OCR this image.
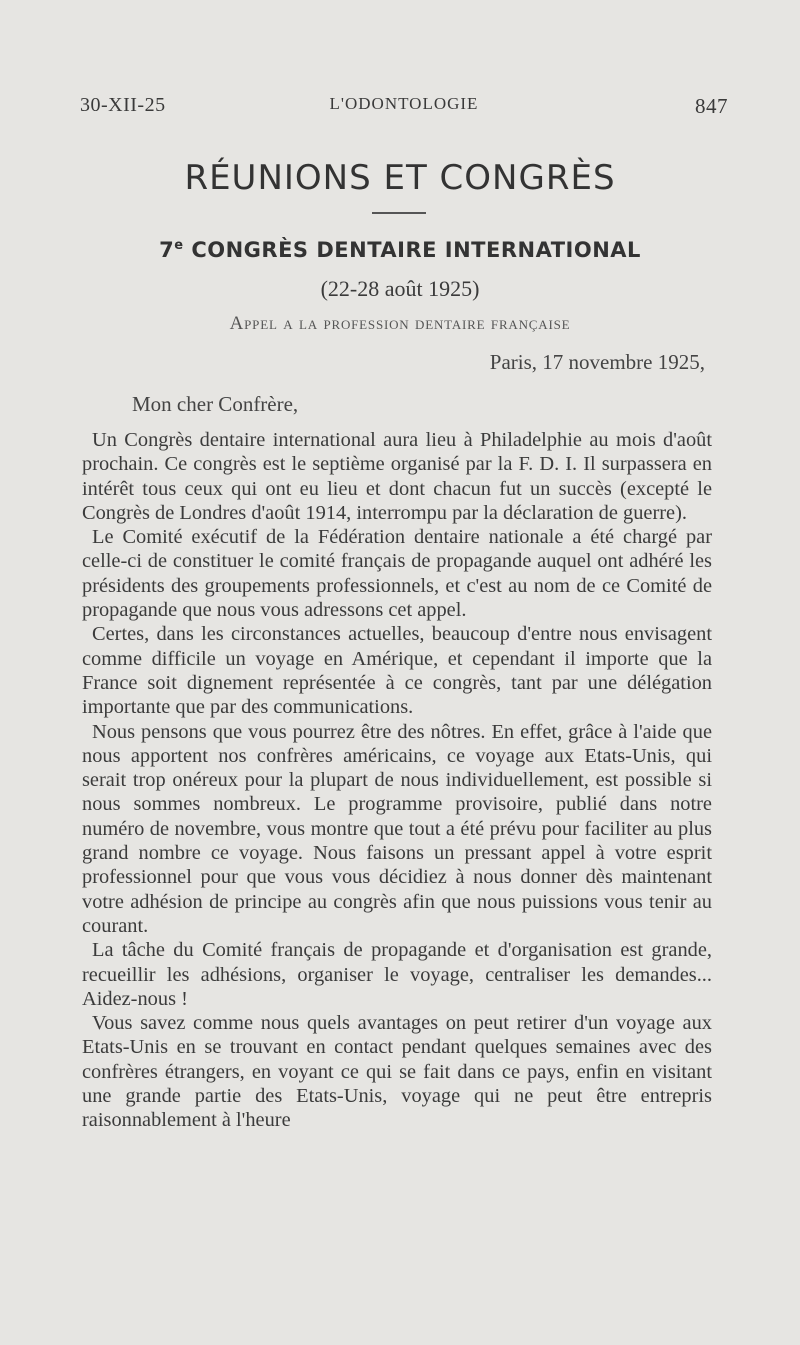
30-XII-25	L'ODONTOLOGIE	847
RÉUNIONS ET CONGRÈS
7e CONGRÈS DENTAIRE INTERNATIONAL
(22-28 août 1925)
Appel a la profession dentaire française
Paris, 17 novembre 1925,
Mon cher Confrère,

Un Congrès dentaire international aura lieu à Philadelphie au mois d'août prochain. Ce congrès est le septième organisé par la F. D. I. Il surpassera en intérêt tous ceux qui ont eu lieu et dont chacun fut un succès (excepté le Congrès de Londres d'août 1914, interrompu par la déclaration de guerre).

Le Comité exécutif de la Fédération dentaire nationale a été chargé par celle-ci de constituer le comité français de propagande auquel ont adhéré les présidents des groupements professionnels, et c'est au nom de ce Comité de propagande que nous vous adressons cet appel.

Certes, dans les circonstances actuelles, beaucoup d'entre nous envisagent comme difficile un voyage en Amérique, et cependant il importe que la France soit dignement représentée à ce congrès, tant par une délégation importante que par des communications.

Nous pensons que vous pourrez être des nôtres. En effet, grâce à l'aide que nous apportent nos confrères américains, ce voyage aux Etats-Unis, qui serait trop onéreux pour la plupart de nous individuellement, est possible si nous sommes nombreux. Le programme provisoire, publié dans notre numéro de novembre, vous montre que tout a été prévu pour faciliter au plus grand nombre ce voyage. Nous faisons un pressant appel à votre esprit professionnel pour que vous vous décidiez à nous donner dès maintenant votre adhésion de principe au congrès afin que nous puissions vous tenir au courant.

La tâche du Comité français de propagande et d'organisation est grande, recueillir les adhésions, organiser le voyage, centraliser les demandes... Aidez-nous !

Vous savez comme nous quels avantages on peut retirer d'un voyage aux Etats-Unis en se trouvant en contact pendant quelques semaines avec des confrères étrangers, en voyant ce qui se fait dans ce pays, enfin en visitant une grande partie des Etats-Unis, voyage qui ne peut être entrepris raisonnablement à l'heure
